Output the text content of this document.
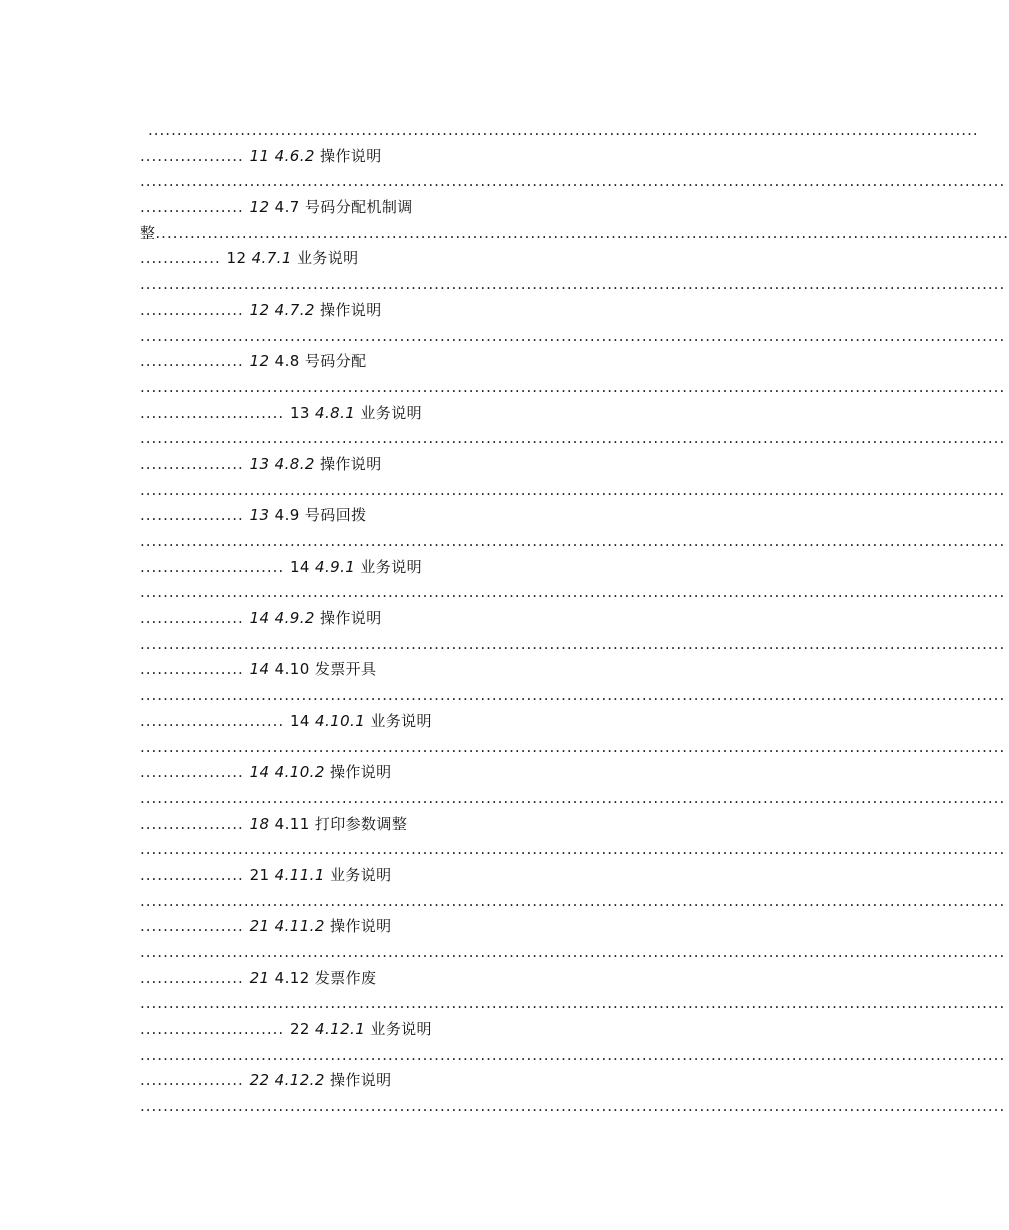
................................................................................................................................................
.................. 11 4.6.2 操作说明
......................................................................................................................................................
.................. 12 4.7 号码分配机制调
整....................................................................................................................................................
.............. 12 4.7.1 业务说明
......................................................................................................................................................
.................. 12 4.7.2 操作说明
......................................................................................................................................................
.................. 12 4.8 号码分配
......................................................................................................................................................
......................... 13 4.8.1 业务说明
......................................................................................................................................................
.................. 13 4.8.2 操作说明
......................................................................................................................................................
.................. 13 4.9 号码回拨
......................................................................................................................................................
......................... 14 4.9.1 业务说明
......................................................................................................................................................
.................. 14 4.9.2 操作说明
......................................................................................................................................................
.................. 14 4.10 发票开具
......................................................................................................................................................
......................... 14 4.10.1 业务说明
......................................................................................................................................................
.................. 14 4.10.2 操作说明
......................................................................................................................................................
.................. 18 4.11 打印参数调整
......................................................................................................................................................
.................. 21 4.11.1 业务说明
......................................................................................................................................................
.................. 21 4.11.2 操作说明
......................................................................................................................................................
.................. 21 4.12 发票作废
......................................................................................................................................................
......................... 22 4.12.1 业务说明
......................................................................................................................................................
.................. 22 4.12.2 操作说明
......................................................................................................................................................
